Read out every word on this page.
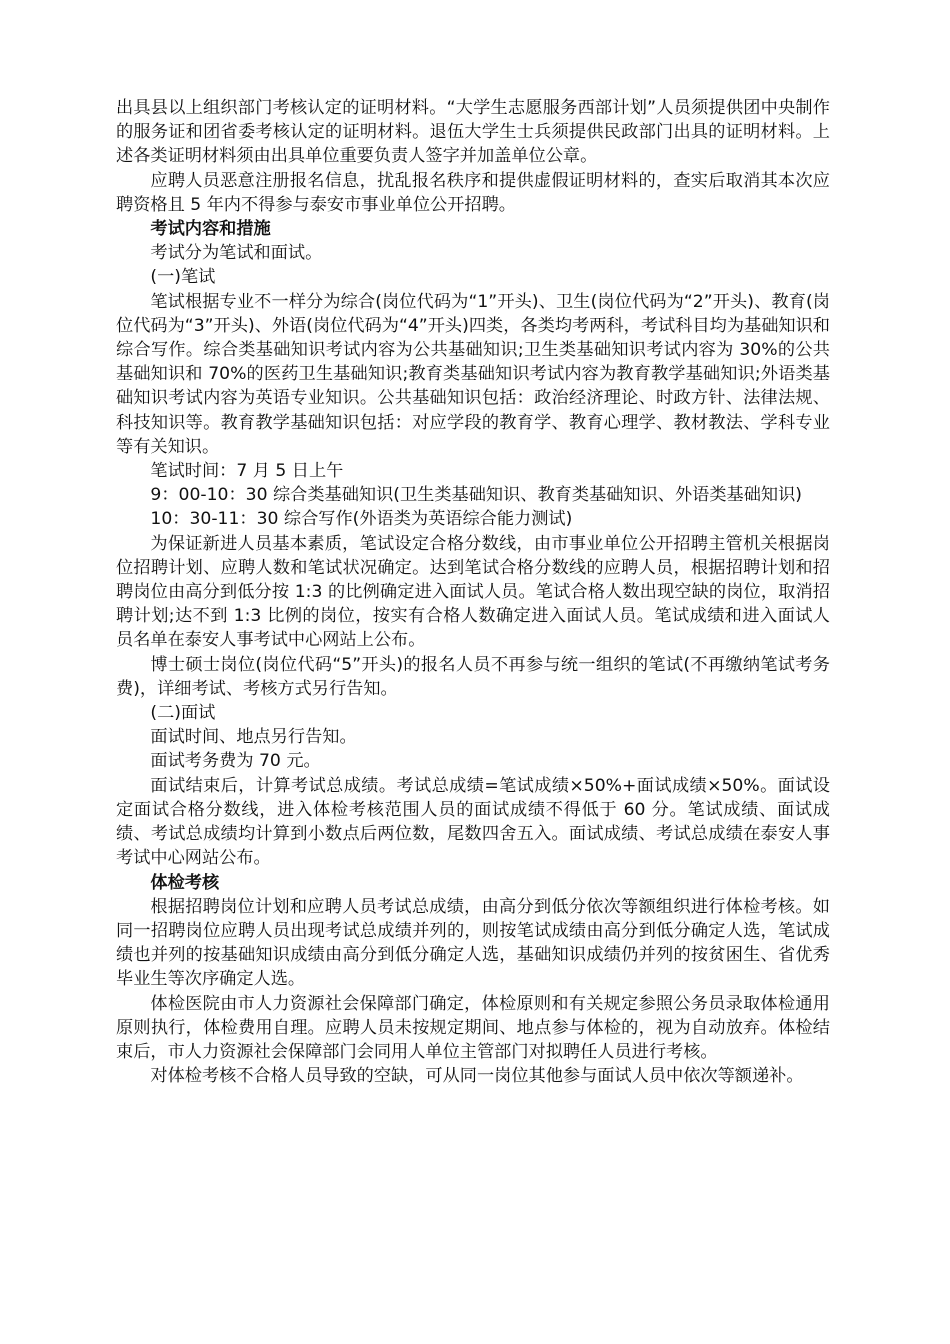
出具县以上组织部门考核认定的证明材料。“大学生志愿服务西部计划”人员须提供团中央制作的服务证和团省委考核认定的证明材料。退伍大学生士兵须提供民政部门出具的证明材料。上述各类证明材料须由出具单位重要负责人签字并加盖单位公章。

应聘人员恶意注册报名信息，扰乱报名秩序和提供虚假证明材料的，查实后取消其本次应聘资格且 5 年内不得参与泰安市事业单位公开招聘。

考试内容和措施

考试分为笔试和面试。

(一)笔试

笔试根据专业不一样分为综合(岗位代码为“1”开头)、卫生(岗位代码为“2”开头)、教育(岗位代码为“3”开头)、外语(岗位代码为“4”开头)四类，各类均考两科，考试科目均为基础知识和综合写作。综合类基础知识考试内容为公共基础知识;卫生类基础知识考试内容为 30%的公共基础知识和 70%的医药卫生基础知识;教育类基础知识考试内容为教育教学基础知识;外语类基础知识考试内容为英语专业知识。公共基础知识包括：政治经济理论、时政方针、法律法规、科技知识等。教育教学基础知识包括：对应学段的教育学、教育心理学、教材教法、学科专业等有关知识。

笔试时间：7 月 5 日上午

9：00-10：30 综合类基础知识(卫生类基础知识、教育类基础知识、外语类基础知识)

10：30-11：30 综合写作(外语类为英语综合能力测试)

为保证新进人员基本素质，笔试设定合格分数线，由市事业单位公开招聘主管机关根据岗位招聘计划、应聘人数和笔试状况确定。达到笔试合格分数线的应聘人员，根据招聘计划和招聘岗位由高分到低分按 1:3 的比例确定进入面试人员。笔试合格人数出现空缺的岗位，取消招聘计划;达不到 1:3 比例的岗位，按实有合格人数确定进入面试人员。笔试成绩和进入面试人员名单在泰安人事考试中心网站上公布。

博士硕士岗位(岗位代码“5”开头)的报名人员不再参与统一组织的笔试(不再缴纳笔试考务费)，详细考试、考核方式另行告知。

(二)面试

面试时间、地点另行告知。

面试考务费为 70 元。

面试结束后，计算考试总成绩。考试总成绩=笔试成绩×50%+面试成绩×50%。面试设定面试合格分数线，进入体检考核范围人员的面试成绩不得低于 60 分。笔试成绩、面试成绩、考试总成绩均计算到小数点后两位数，尾数四舍五入。面试成绩、考试总成绩在泰安人事考试中心网站公布。

体检考核

根据招聘岗位计划和应聘人员考试总成绩，由高分到低分依次等额组织进行体检考核。如同一招聘岗位应聘人员出现考试总成绩并列的，则按笔试成绩由高分到低分确定人选，笔试成绩也并列的按基础知识成绩由高分到低分确定人选，基础知识成绩仍并列的按贫困生、省优秀毕业生等次序确定人选。

体检医院由市人力资源社会保障部门确定，体检原则和有关规定参照公务员录取体检通用原则执行，体检费用自理。应聘人员未按规定期间、地点参与体检的，视为自动放弃。体检结束后，市人力资源社会保障部门会同用人单位主管部门对拟聘任人员进行考核。

对体检考核不合格人员导致的空缺，可从同一岗位其他参与面试人员中依次等额递补。
